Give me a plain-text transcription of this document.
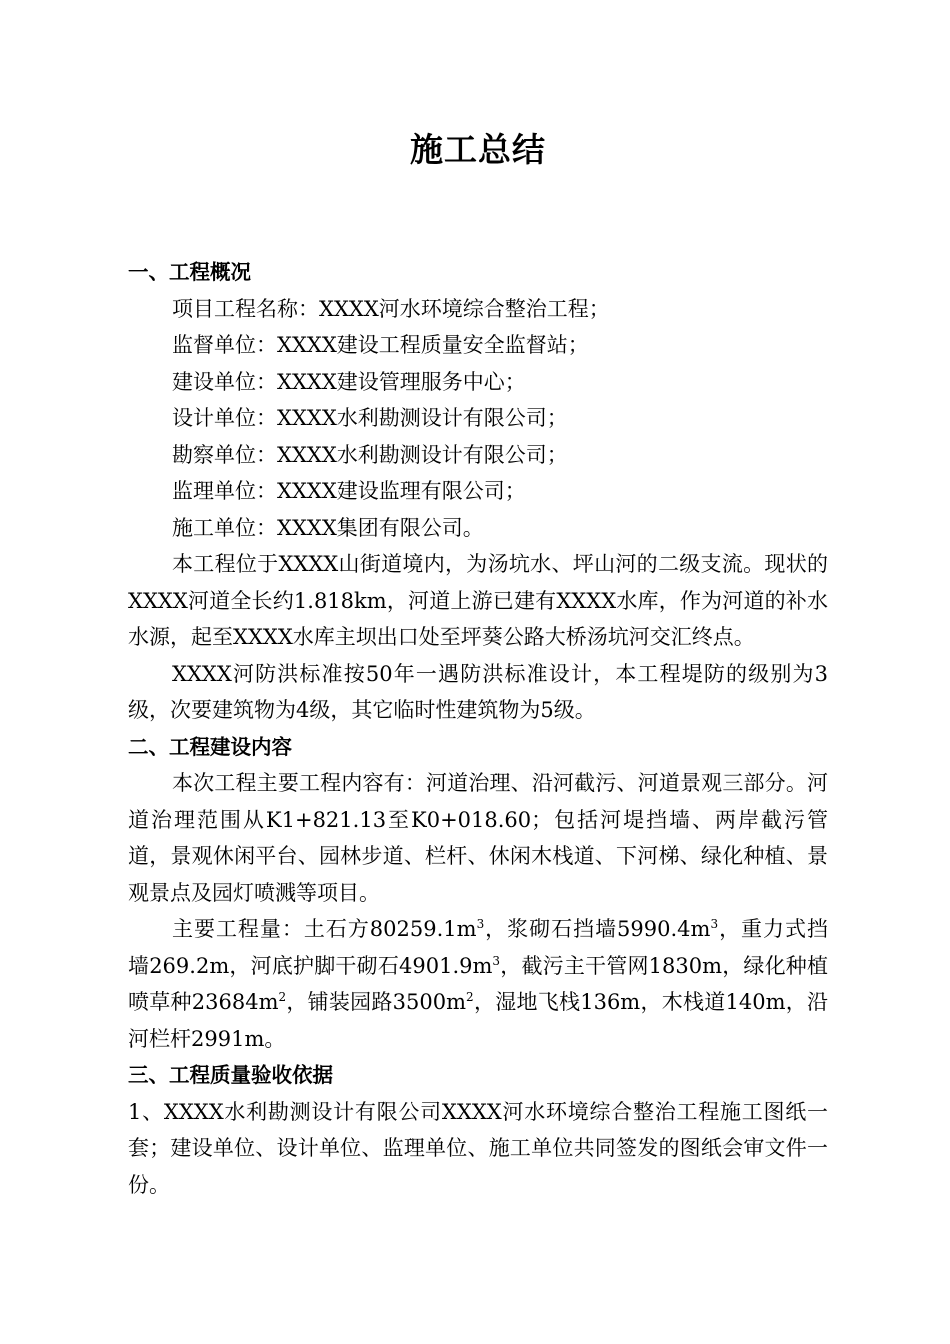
施工总结

一、工程概况

项目工程名称：XXXX河水环境综合整治工程；

监督单位：XXXX建设工程质量安全监督站；

建设单位：XXXX建设管理服务中心；

设计单位：XXXX水利勘测设计有限公司；

勘察单位：XXXX水利勘测设计有限公司；

监理单位：XXXX建设监理有限公司；

施工单位：XXXX集团有限公司。

本工程位于XXXX山街道境内，为汤坑水、坪山河的二级支流。现状的XXXX河道全长约1.818km，河道上游已建有XXXX水库，作为河道的补水水源，起至XXXX水库主坝出口处至坪葵公路大桥汤坑河交汇终点。

XXXX河防洪标准按50年一遇防洪标准设计，本工程堤防的级别为3级，次要建筑物为4级，其它临时性建筑物为5级。

二、工程建设内容

本次工程主要工程内容有：河道治理、沿河截污、河道景观三部分。河道治理范围从K1+821.13至K0+018.60；包括河堤挡墙、两岸截污管道，景观休闲平台、园林步道、栏杆、休闲木栈道、下河梯、绿化种植、景观景点及园灯喷溅等项目。

主要工程量：土石方$80259.1m^3$，浆砌石挡墙$5990.4m^3$，重力式挡墙269.2m，河底护脚干砌石$4901.9m^3$，截污主干管网1830m，绿化种植喷草种$23684m^2$，铺装园路$3500m^2$，湿地飞栈136m，木栈道140m，沿河栏杆2991m。

三、工程质量验收依据

1、XXXX水利勘测设计有限公司XXXX河水环境综合整治工程施工图纸一套；建设单位、设计单位、监理单位、施工单位共同签发的图纸会审文件一份。
